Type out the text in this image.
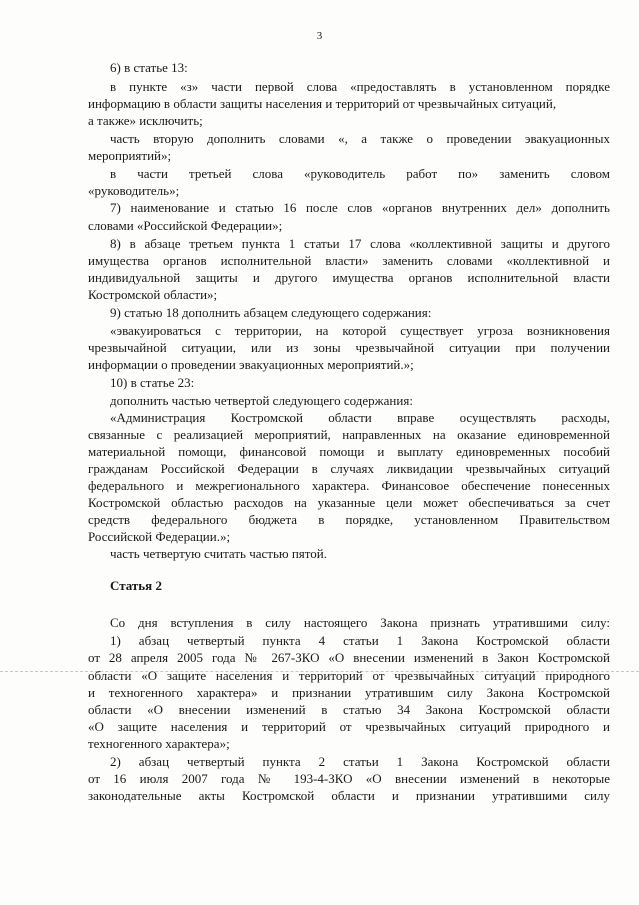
3
6) в статье 13:
в пункте «з» части первой слова «предоставлять в установленном порядке
информацию в области защиты населения и территорий от чрезвычайных ситуаций,
а также» исключить;
часть вторую дополнить словами «, а также о проведении эвакуационных
мероприятий»;
в части третьей слова «руководитель работ по» заменить словом
«руководитель»;
7) наименование и статью 16 после слов «органов внутренних дел» дополнить
словами «Российской Федерации»;
8) в абзаце третьем пункта 1 статьи 17 слова «коллективной защиты и другого
имущества органов исполнительной власти» заменить словами «коллективной и
индивидуальной защиты и другого имущества органов исполнительной власти
Костромской области»;
9) статью 18 дополнить абзацем следующего содержания:
«эвакуироваться с территории, на которой существует угроза возникновения
чрезвычайной ситуации, или из зоны чрезвычайной ситуации при получении
информации о проведении эвакуационных мероприятий.»;
10) в статье 23:
дополнить частью четвертой следующего содержания:
«Администрация Костромской области вправе осуществлять расходы,
связанные с реализацией мероприятий, направленных на оказание единовременной
материальной помощи, финансовой помощи и выплату единовременных пособий
гражданам Российской Федерации в случаях ликвидации чрезвычайных ситуаций
федерального и межрегионального характера. Финансовое обеспечение понесенных
Костромской областью расходов на указанные цели может обеспечиваться за счет
средств федерального бюджета в порядке, установленном Правительством
Российской Федерации.»;
часть четвертую считать частью пятой.
Статья 2
Со дня вступления в силу настоящего Закона признать утратившими силу:
1) абзац четвертый пункта 4 статьи 1 Закона Костромской области
от 28 апреля 2005 года № 267-ЗКО «О внесении изменений в Закон Костромской
области «О защите населения и территорий от чрезвычайных ситуаций природного
и техногенного характера» и признании утратившим силу Закона Костромской
области «О внесении изменений в статью 34 Закона Костромской области
«О защите населения и территорий от чрезвычайных ситуаций природного и
техногенного характера»;
2) абзац четвертый пункта 2 статьи 1 Закона Костромской области
от 16 июля 2007 года № 193-4-ЗКО «О внесении изменений в некоторые
законодательные акты Костромской области и признании утратившими силу
